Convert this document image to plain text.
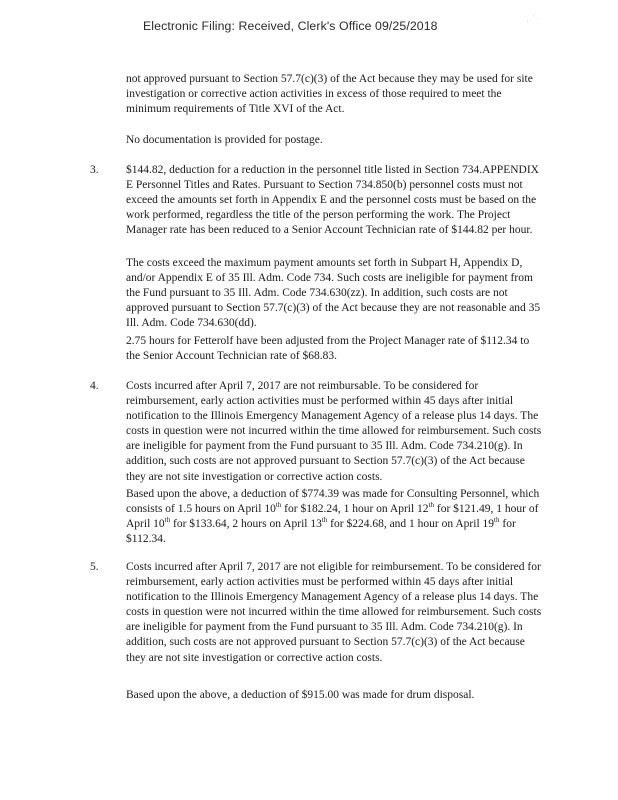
Electronic Filing: Received, Clerk's Office 09/25/2018
, . ' .

not approved pursuant to Section 57.7(c)(3) of the Act because they may be used for site investigation or corrective action activities in excess of those required to meet the minimum requirements of Title XVI of the Act.

No documentation is provided for postage.

3. $144.82, deduction for a reduction in the personnel title listed in Section 734.APPENDIX E Personnel Titles and Rates. Pursuant to Section 734.850(b) personnel costs must not exceed the amounts set forth in Appendix E and the personnel costs must be based on the work performed, regardless the title of the person performing the work. The Project Manager rate has been reduced to a Senior Account Technician rate of $144.82 per hour.

The costs exceed the maximum payment amounts set forth in Subpart H, Appendix D, and/or Appendix E of 35 Ill. Adm. Code 734. Such costs are ineligible for payment from the Fund pursuant to 35 Ill. Adm. Code 734.630(zz). In addition, such costs are not approved pursuant to Section 57.7(c)(3) of the Act because they are not reasonable and 35 Ill. Adm. Code 734.630(dd).

2.75 hours for Fetterolf have been adjusted from the Project Manager rate of $112.34 to the Senior Account Technician rate of $68.83.

4. Costs incurred after April 7, 2017 are not reimbursable. To be considered for reimbursement, early action activities must be performed within 45 days after initial notification to the Illinois Emergency Management Agency of a release plus 14 days. The costs in question were not incurred within the time allowed for reimbursement. Such costs are ineligible for payment from the Fund pursuant to 35 Ill. Adm. Code 734.210(g). In addition, such costs are not approved pursuant to Section 57.7(c)(3) of the Act because they are not site investigation or corrective action costs.

Based upon the above, a deduction of $774.39 was made for Consulting Personnel, which consists of 1.5 hours on April 10th for $182.24, 1 hour on April 12th for $121.49, 1 hour of April 10th for $133.64, 2 hours on April 13th for $224.68, and 1 hour on April 19th for $112.34.

5. Costs incurred after April 7, 2017 are not eligible for reimbursement. To be considered for reimbursement, early action activities must be performed within 45 days after initial notification to the Illinois Emergency Management Agency of a release plus 14 days. The costs in question were not incurred within the time allowed for reimbursement. Such costs are ineligible for payment from the Fund pursuant to 35 Ill. Adm. Code 734.210(g). In addition, such costs are not approved pursuant to Section 57.7(c)(3) of the Act because they are not site investigation or corrective action costs.

Based upon the above, a deduction of $915.00 was made for drum disposal.
